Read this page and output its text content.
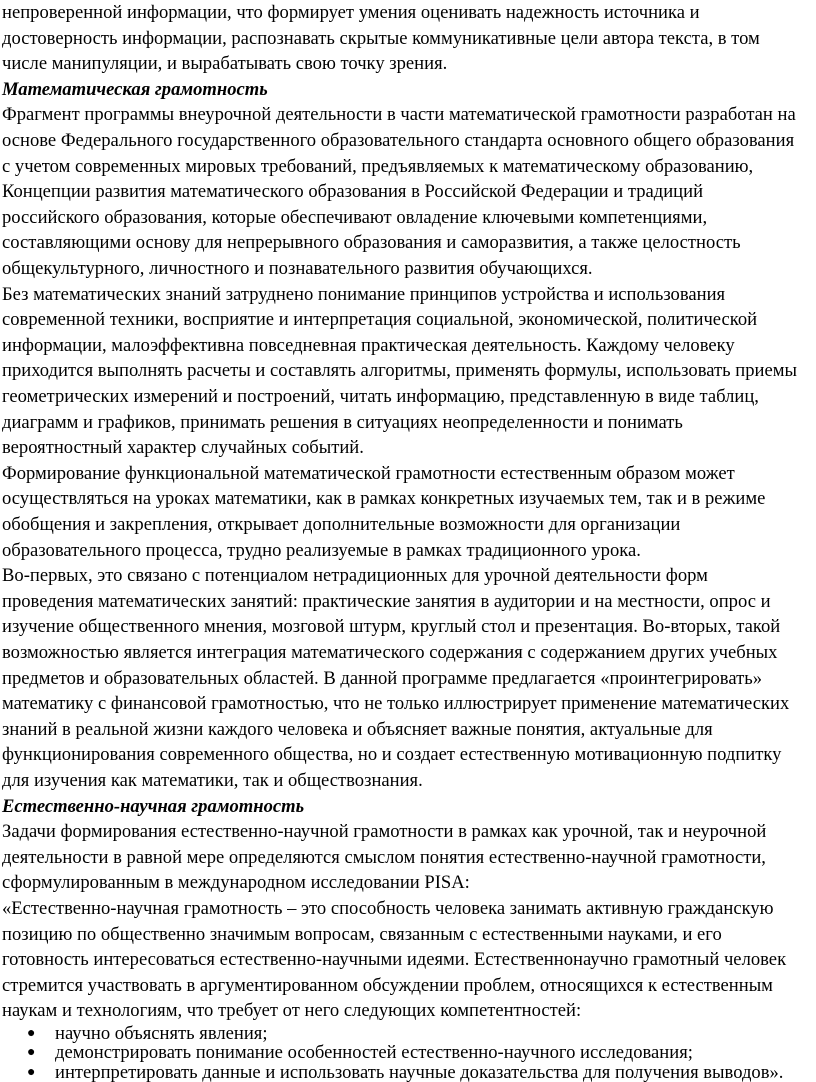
непроверенной информации, что формирует умения оценивать надежность источника и
достоверность информации, распознавать скрытые коммуникативные цели автора текста, в том
числе манипуляции, и вырабатывать свою точку зрения.
Математическая грамотность
Фрагмент программы внеурочной деятельности в части математической грамотности разработан на
основе Федерального государственного образовательного стандарта основного общего образования
с учетом современных мировых требований, предъявляемых к математическому образованию,
Концепции развития математического образования в Российской Федерации и традиций
российского образования, которые обеспечивают овладение ключевыми компетенциями,
составляющими основу для непрерывного образования и саморазвития, а также целостность
общекультурного, личностного и познавательного развития обучающихся.
Без математических знаний затруднено понимание принципов устройства и использования
современной техники, восприятие и интерпретация социальной, экономической, политической
информации, малоэффективна повседневная практическая деятельность. Каждому человеку
приходится выполнять расчеты и составлять алгоритмы, применять формулы, использовать приемы
геометрических измерений и построений, читать информацию, представленную в виде таблиц,
диаграмм и графиков, принимать решения в ситуациях неопределенности и понимать
вероятностный характер случайных событий.
Формирование функциональной математической грамотности естественным образом может
осуществляться на уроках математики, как в рамках конкретных изучаемых тем, так и в режиме
обобщения и закрепления, открывает дополнительные возможности для организации
образовательного процесса, трудно реализуемые в рамках традиционного урока.
Во-первых, это связано с потенциалом нетрадиционных для урочной деятельности форм
проведения математических занятий: практические занятия в аудитории и на местности, опрос и
изучение общественного мнения, мозговой штурм, круглый стол и презентация. Во-вторых, такой
возможностью является интеграция математического содержания с содержанием других учебных
предметов и образовательных областей. В данной программе предлагается «проинтегрировать»
математику с финансовой грамотностью, что не только иллюстрирует применение математических
знаний в реальной жизни каждого человека и объясняет важные понятия, актуальные для
функционирования современного общества, но и создает естественную мотивационную подпитку
для изучения как математики, так и обществознания.
Естественно-научная грамотность
Задачи формирования естественно-научной грамотности в рамках как урочной, так и неурочной
деятельности в равной мере определяются смыслом понятия естественно-научной грамотности,
сформулированным в международном исследовании PISA:
«Естественно-научная грамотность – это способность человека занимать активную гражданскую
позицию по общественно значимым вопросам, связанным с естественными науками, и его
готовность интересоваться естественно-научными идеями. Естественнонаучно грамотный человек
стремится участвовать в аргументированном обсуждении проблем, относящихся к естественным
наукам и технологиям, что требует от него следующих компетентностей:
● научно объяснять явления;
● демонстрировать понимание особенностей естественно-научного исследования;
● интерпретировать данные и использовать научные доказательства для получения выводов».
